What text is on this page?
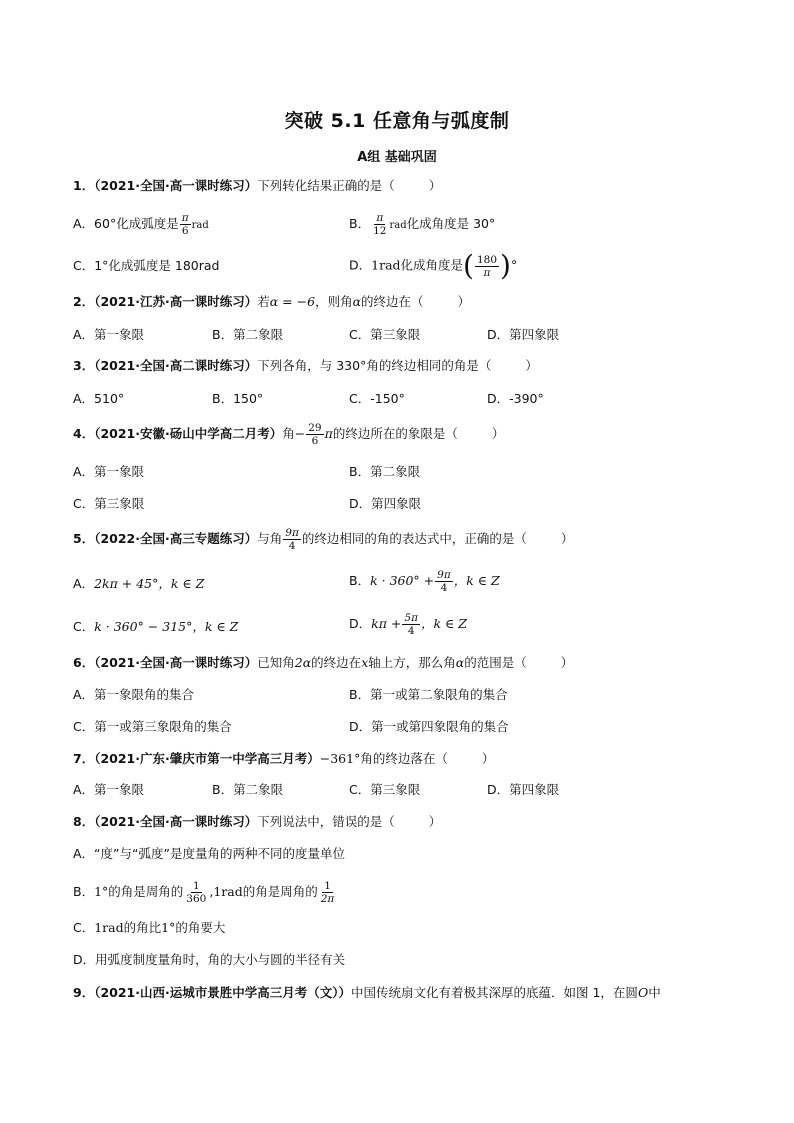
突破 5.1 任意角与弧度制
A组 基础巩固
1．（2021·全国·高一课时练习）下列转化结果正确的是（	）
A．60°化成弧度是 $\frac{\pi}{6}$ rad	B． $\frac{\pi}{12}$ rad化成角度是 30°
C．1°化成弧度是 180rad	D．1rad化成角度是( $\frac{180}{\pi}$ )°
2．（2021·江苏·高一课时练习）若α = −6，则角α的终边在（	）
A．第一象限	B．第二象限	C．第三象限	D．第四象限
3．（2021·全国·高二课时练习）下列各角，与 330°角的终边相同的角是（	）
A．510°	B．150°	C．-150°	D．-390°
4．（2021·安徽·砀山中学高二月考）角− $\frac{29}{6}$ π的终边所在的象限是（	）
A．第一象限	B．第二象限
C．第三象限	D．第四象限
5．（2022·全国·高三专题练习）与角 $\frac{9\pi}{4}$ 的终边相同的角的表达式中，正确的是（	）
A．2kπ + 45°，k ∈ Z	B．$k \cdot 360^\circ + \frac{9\pi}{4}$ ，k ∈ Z
C．k · 360° − 315°，k ∈ Z	D．$k\pi + \frac{5\pi}{4}$ ，k ∈ Z
6．（2021·全国·高一课时练习）已知角2α的终边在x轴上方，那么角α的范围是（	）
A．第一象限角的集合	B．第一或第二象限角的集合
C．第一或第三象限角的集合	D．第一或第四象限角的集合
7．（2021·广东·肇庆市第一中学高三月考）−361°角的终边落在（	）
A．第一象限	B．第二象限	C．第三象限	D．第四象限
8．（2021·全国·高一课时练习）下列说法中，错误的是（	）
A．“度”与“弧度”是度量角的两种不同的度量单位
B．1°的角是周角的 $\frac{1}{360} ,1rad$的角是周角的 $\frac{1}{2\pi}$
C．1rad的角比1°的角要大
D．用弧度制度量角时，角的大小与圆的半径有关
9．（2021·山西·运城市景胜中学高三月考（文））中国传统扇文化有着极其深厚的底蕴．如图 1，在圆O中
